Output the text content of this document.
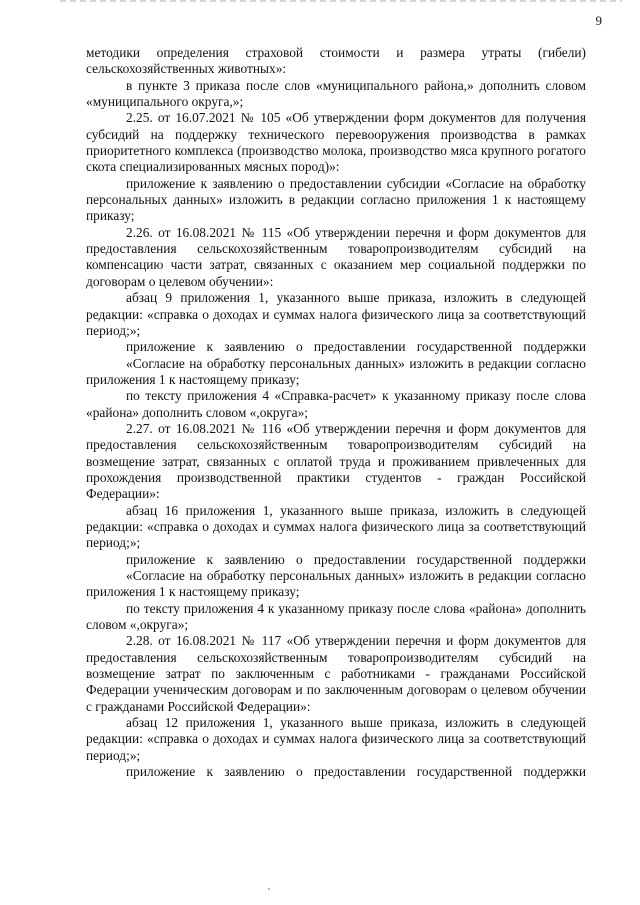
9

методики определения страховой стоимости и размера утраты (гибели) сельскохозяйственных животных»:

в пункте 3 приказа после слов «муниципального района,» дополнить словом «муниципального округа,»;

2.25. от 16.07.2021 № 105 «Об утверждении форм документов для получения субсидий на поддержку технического перевооружения производства в рамках приоритетного комплекса (производство молока, производство мяса крупного рогатого скота специализированных мясных пород)»:

приложение к заявлению о предоставлении субсидии «Согласие на обработку персональных данных» изложить в редакции согласно приложения 1 к настоящему приказу;

2.26. от 16.08.2021 № 115 «Об утверждении перечня и форм документов для предоставления сельскохозяйственным товаропроизводителям субсидий на компенсацию части затрат, связанных с оказанием мер социальной поддержки по договорам о целевом обучении»:

абзац 9 приложения 1, указанного выше приказа, изложить в следующей редакции: «справка о доходах и суммах налога физического лица за соответствующий период;»;

приложение к заявлению о предоставлении государственной поддержки

«Согласие на обработку персональных данных» изложить в редакции согласно приложения 1 к настоящему приказу;

по тексту приложения 4 «Справка-расчет» к указанному приказу после слова «района» дополнить словом «,округа»;

2.27. от 16.08.2021 № 116 «Об утверждении перечня и форм документов для предоставления сельскохозяйственным товаропроизводителям субсидий на возмещение затрат, связанных с оплатой труда и проживанием привлеченных для прохождения производственной практики студентов - граждан Российской Федерации»:

абзац 16 приложения 1, указанного выше приказа, изложить в следующей редакции: «справка о доходах и суммах налога физического лица за соответствующий период;»;

приложение к заявлению о предоставлении государственной поддержки

«Согласие на обработку персональных данных» изложить в редакции согласно приложения 1 к настоящему приказу;

по тексту приложения 4 к указанному приказу после слова «района» дополнить словом «,округа»;

2.28. от 16.08.2021 № 117 «Об утверждении перечня и форм документов для предоставления сельскохозяйственным товаропроизводителям субсидий на возмещение затрат по заключенным с работниками - гражданами Российской Федерации ученическим договорам и по заключенным договорам о целевом обучении с гражданами Российской Федерации»:

абзац 12 приложения 1, указанного выше приказа, изложить в следующей редакции: «справка о доходах и суммах налога физического лица за соответствующий период;»;

приложение к заявлению о предоставлении государственной поддержки
